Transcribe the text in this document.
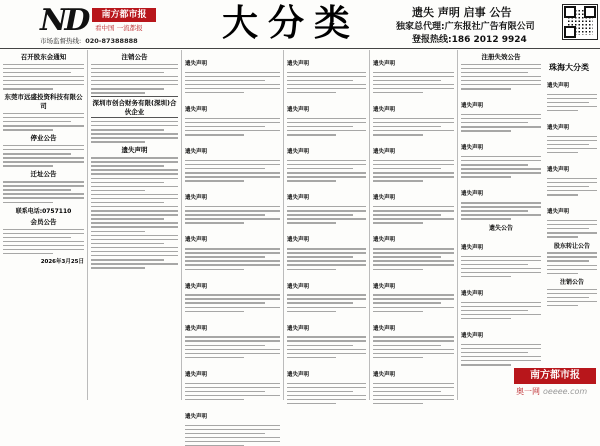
ND	南方都市报
看中国 一流都报
市场监督热线: 020-87388888 大分类	遗失 声明 启事 公告
独家总代理:广东报社广告有限公司
登报热线:186 2012 9924
召开股东会通知
东莞市远盛投资科技有限公司
停业公告
迁址公告
联系电话:0757110
会员公告
2026年3月25日
注销公告
深圳市创合财务有限(深圳)合伙企业
遗失声明
遗失声明
遗失声明
遗失声明
遗失声明
遗失声明
遗失声明
遗失声明
遗失声明
遗失声明
遗失声明
遗失声明
遗失声明
遗失声明
遗失声明
遗失声明
遗失声明
遗失声明
遗失声明
遗失声明
遗失声明
遗失声明
遗失声明
遗失声明
遗失声明
遗失声明
注册失效公告
遗失声明
遗失声明
遗失声明
遗失公告
遗失声明
遗失声明
遗失声明
遗失声明
遗失声明
遗失声明
遗失声明
股东转让公告
注销公告
珠海大分类
南方都市报
奥一网 oeeee.com
